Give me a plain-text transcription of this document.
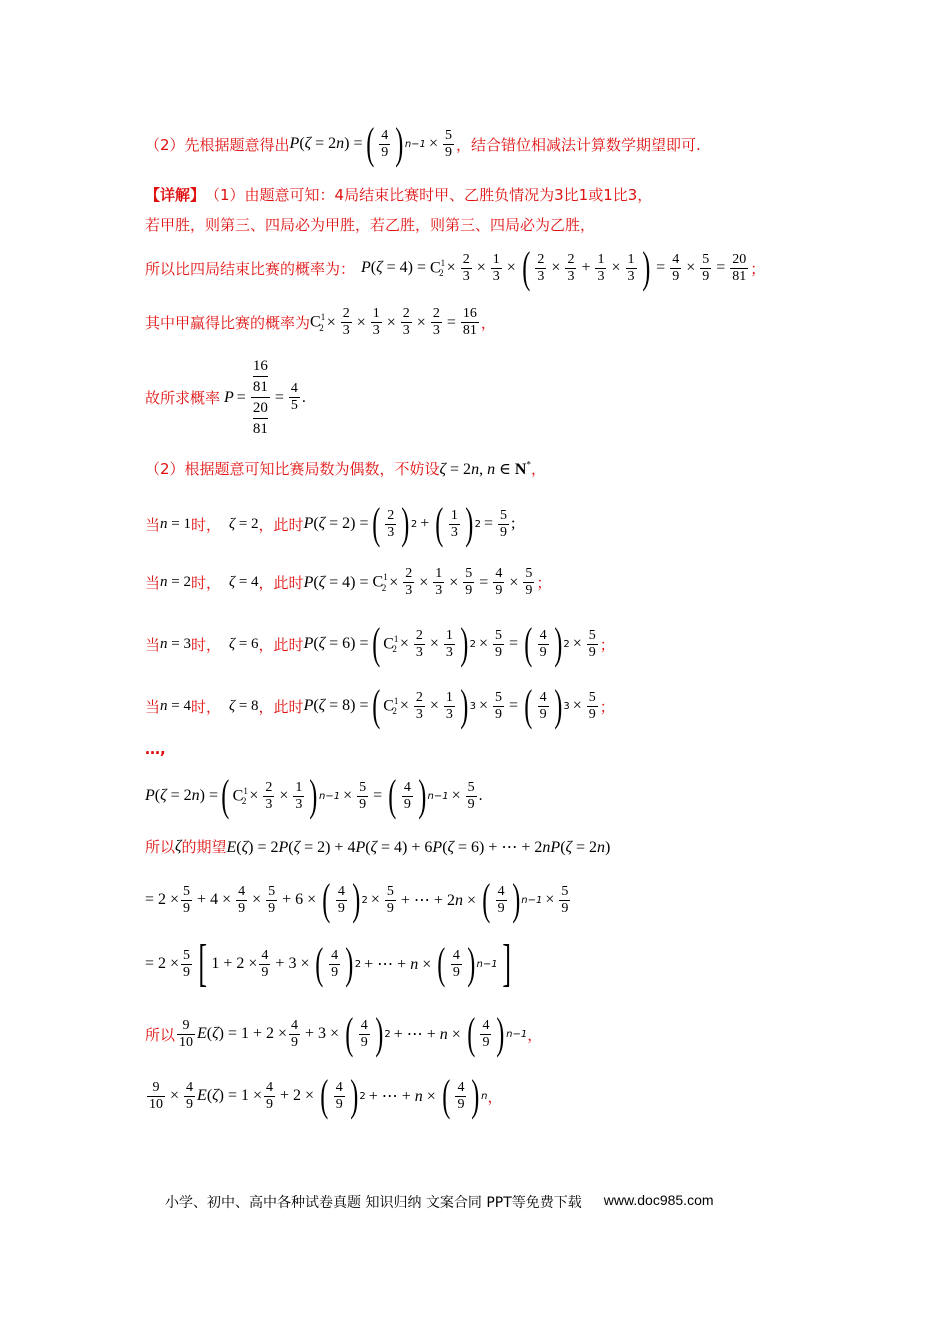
（2）先根据题意得出 P(ζ = 2n) = ( $\frac{4}{9}$ ) $n-1 \times \frac{5}{9}$ ，结合错位相减法计算数学期望即可.
【详解】 （1）由题意可知：4局结束比赛时甲、乙胜负情况为3比1或1比3，
若甲胜，则第三、四局必为甲胜，若乙胜，则第三、四局必为乙胜，
所以比四局结束比赛的概率为： $P(\zeta = 4) = C^1_2 \times \frac{2}{3} \times \frac{1}{3}$ × ( $\frac{2}{3} \times \frac{2}{3} + \frac{1}{3} \times \frac{1}{3}$ ) = $\frac{4}{9} \times \frac{5}{9} = \frac{20}{81}$ ；
其中甲赢得比赛的概率为 $C^1_2 \times \frac{2}{3} \times \frac{1}{3} \times \frac{2}{3} \times \frac{2}{3} = \frac{16}{81}$ ，
故所求概率 P = 16
81
20
$81 = \frac{4}{5}$ .
（2）根据题意可知比赛局数为偶数，不妨设 ζ = 2n, n ∈ N* ，
当 n = 1 时， ζ = 2 ，此时 P(ζ = 2) = ( $\frac{2}{3}$ ) 2 + ( $\frac{1}{3}$ ) $2 = \frac{5}{9}$ ;
当 n = 2 时， ζ = 4 ，此时 $P(\zeta = 4) = C^1_2 \times \frac{2}{3} \times \frac{1}{3} \times \frac{5}{9} = \frac{4}{9} \times \frac{5}{9}$ ；
当 n = 3 时， ζ = 6 ，此时 P(ζ = 6) = ( $C^1_2 \times \frac{2}{3} \times \frac{1}{3}$ ) $2 \times \frac{5}{9}$ = ( $\frac{4}{9}$ ) $2 \times \frac{5}{9}$ ；
当 n = 4 时， ζ = 8 ，此时 P(ζ = 8) = ( $C^1_2 \times \frac{2}{3} \times \frac{1}{3}$ ) $3 \times \frac{5}{9}$ = ( $\frac{4}{9}$ ) $3 \times \frac{5}{9}$ ；
…,
P(ζ = 2n) = ( $C^1_2 \times \frac{2}{3} \times \frac{1}{3}$ ) $n-1 \times \frac{5}{9}$ = ( $\frac{4}{9}$ ) $n-1 \times \frac{5}{9}$ .
所以 ζ 的期望 E(ζ) = 2P(ζ = 2) + 4P(ζ = 4) + 6P(ζ = 6) + ⋯ + 2nP(ζ = 2n)
= $2 \times \frac{5}{9} + 4 \times \frac{4}{9} \times \frac{5}{9} + 6$ × ( $\frac{4}{9}$ ) $2 \times \frac{5}{9}$ + ⋯ + 2n × ( $\frac{4}{9}$ ) $n-1 \times \frac{5}{9}$
= $2 \times \frac{5}{9}$ [ $1 + 2 \times \frac{4}{9} + 3$ × ( $\frac{4}{9}$ ) 2 + ⋯ + n × ( $\frac{4}{9}$ ) n−1 ]
所以 $\frac{9}{10} E(\zeta) = 1 + 2 \times \frac{4}{9} + 3$ × ( $\frac{4}{9}$ ) 2 + ⋯ + n × ( $\frac{4}{9}$ ) n−1 ，
$\frac{9}{10} \times \frac{4}{9} E(\zeta) = 1 \times \frac{4}{9} + 2$ × ( $\frac{4}{9}$ ) 2 + ⋯ + n × ( $\frac{4}{9}$ ) n ，
小学、初中、高中各种试卷真题 知识归纳 文案合同 PPT等免费下载 www.doc985.com
